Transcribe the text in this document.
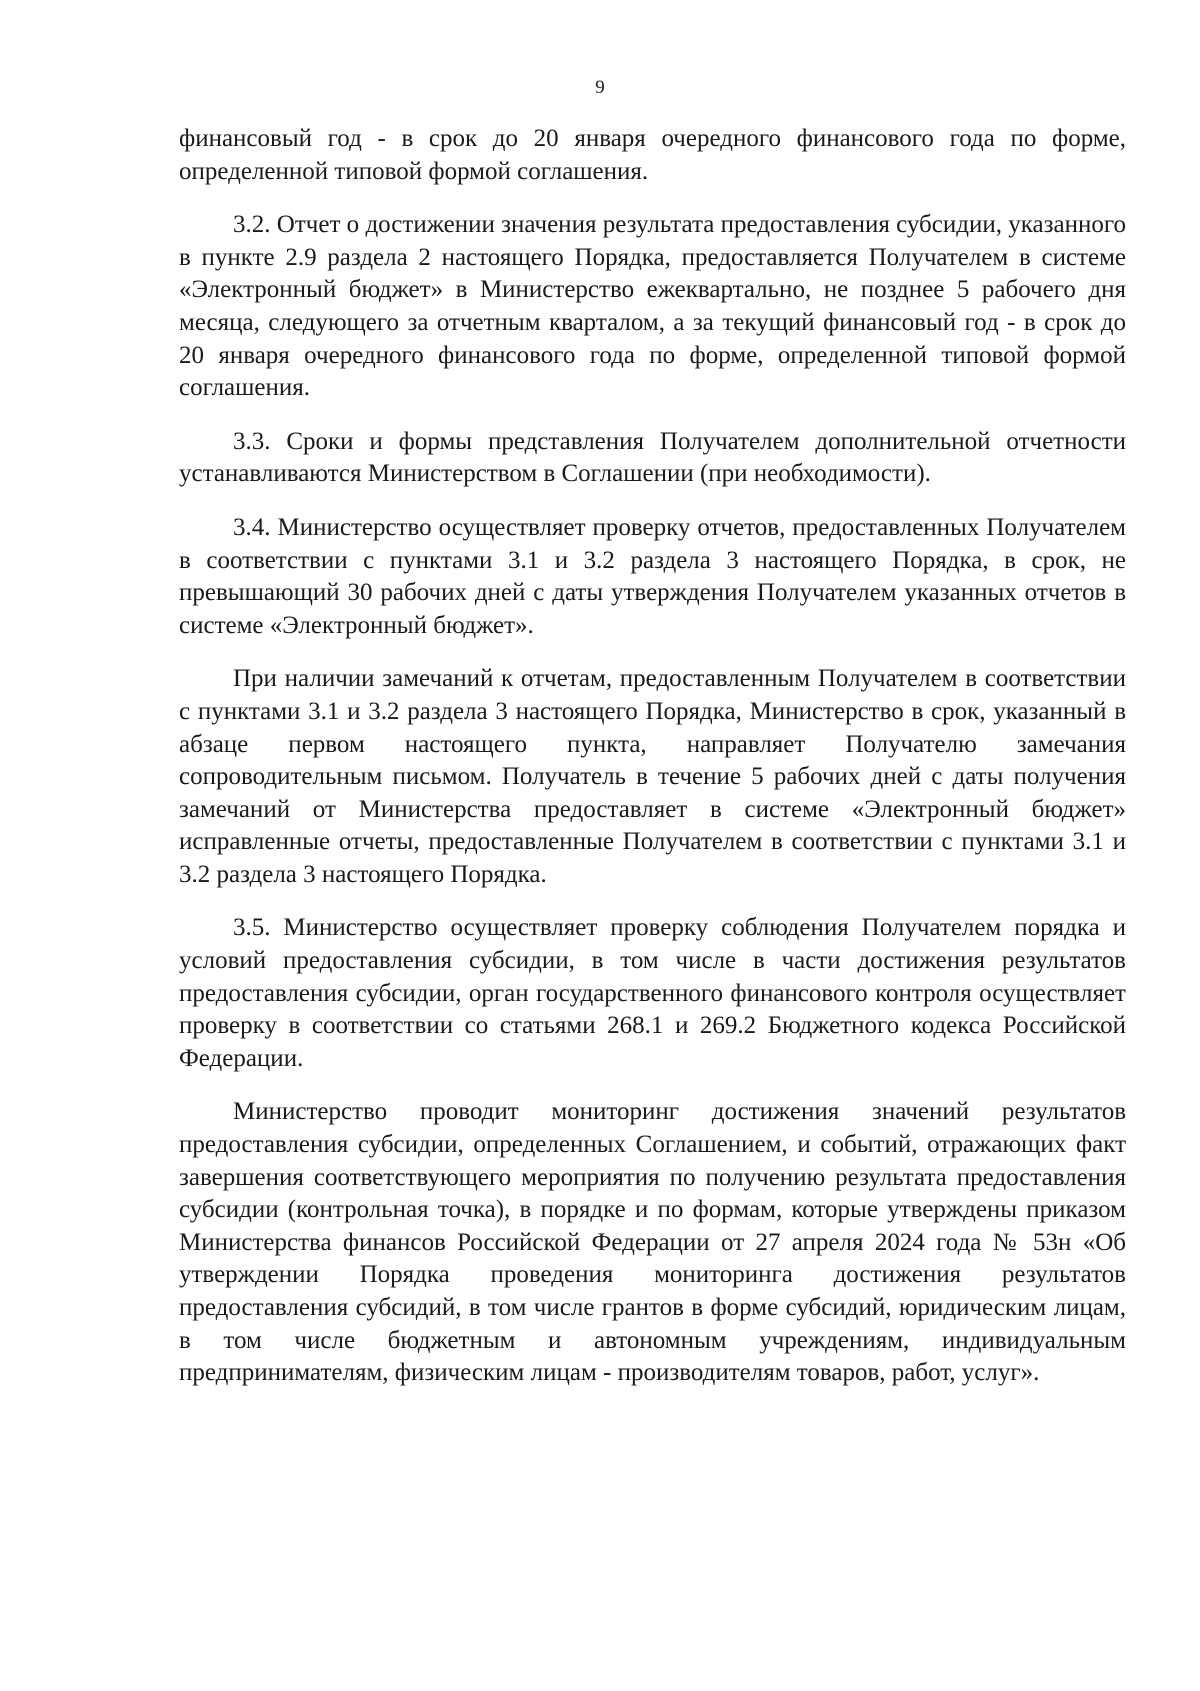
9

финансовый год - в срок до 20 января очередного финансового года по форме, определенной типовой формой соглашения.

3.2. Отчет о достижении значения результата предоставления субсидии, указанного в пункте 2.9 раздела 2 настоящего Порядка, предоставляется Получателем в системе «Электронный бюджет» в Министерство ежеквартально, не позднее 5 рабочего дня месяца, следующего за отчетным кварталом, а за текущий финансовый год - в срок до 20 января очередного финансового года по форме, определенной типовой формой соглашения.

3.3. Сроки и формы представления Получателем дополнительной отчетности устанавливаются Министерством в Соглашении (при необходимости).

3.4. Министерство осуществляет проверку отчетов, предоставленных Получателем в соответствии с пунктами 3.1 и 3.2 раздела 3 настоящего Порядка, в срок, не превышающий 30 рабочих дней с даты утверждения Получателем указанных отчетов в системе «Электронный бюджет».

При наличии замечаний к отчетам, предоставленным Получателем в соответствии с пунктами 3.1 и 3.2 раздела 3 настоящего Порядка, Министерство в срок, указанный в абзаце первом настоящего пункта, направляет Получателю замечания сопроводительным письмом. Получатель в течение 5 рабочих дней с даты получения замечаний от Министерства предоставляет в системе «Электронный бюджет» исправленные отчеты, предоставленные Получателем в соответствии с пунктами 3.1 и 3.2 раздела 3 настоящего Порядка.

3.5. Министерство осуществляет проверку соблюдения Получателем порядка и условий предоставления субсидии, в том числе в части достижения результатов предоставления субсидии, орган государственного финансового контроля осуществляет проверку в соответствии со статьями 268.1 и 269.2 Бюджетного кодекса Российской Федерации.

Министерство проводит мониторинг достижения значений результатов предоставления субсидии, определенных Соглашением, и событий, отражающих факт завершения соответствующего мероприятия по получению результата предоставления субсидии (контрольная точка), в порядке и по формам, которые утверждены приказом Министерства финансов Российской Федерации от 27 апреля 2024 года № 53н «Об утверждении Порядка проведения мониторинга достижения результатов предоставления субсидий, в том числе грантов в форме субсидий, юридическим лицам, в том числе бюджетным и автономным учреждениям, индивидуальным предпринимателям, физическим лицам - производителям товаров, работ, услуг».
